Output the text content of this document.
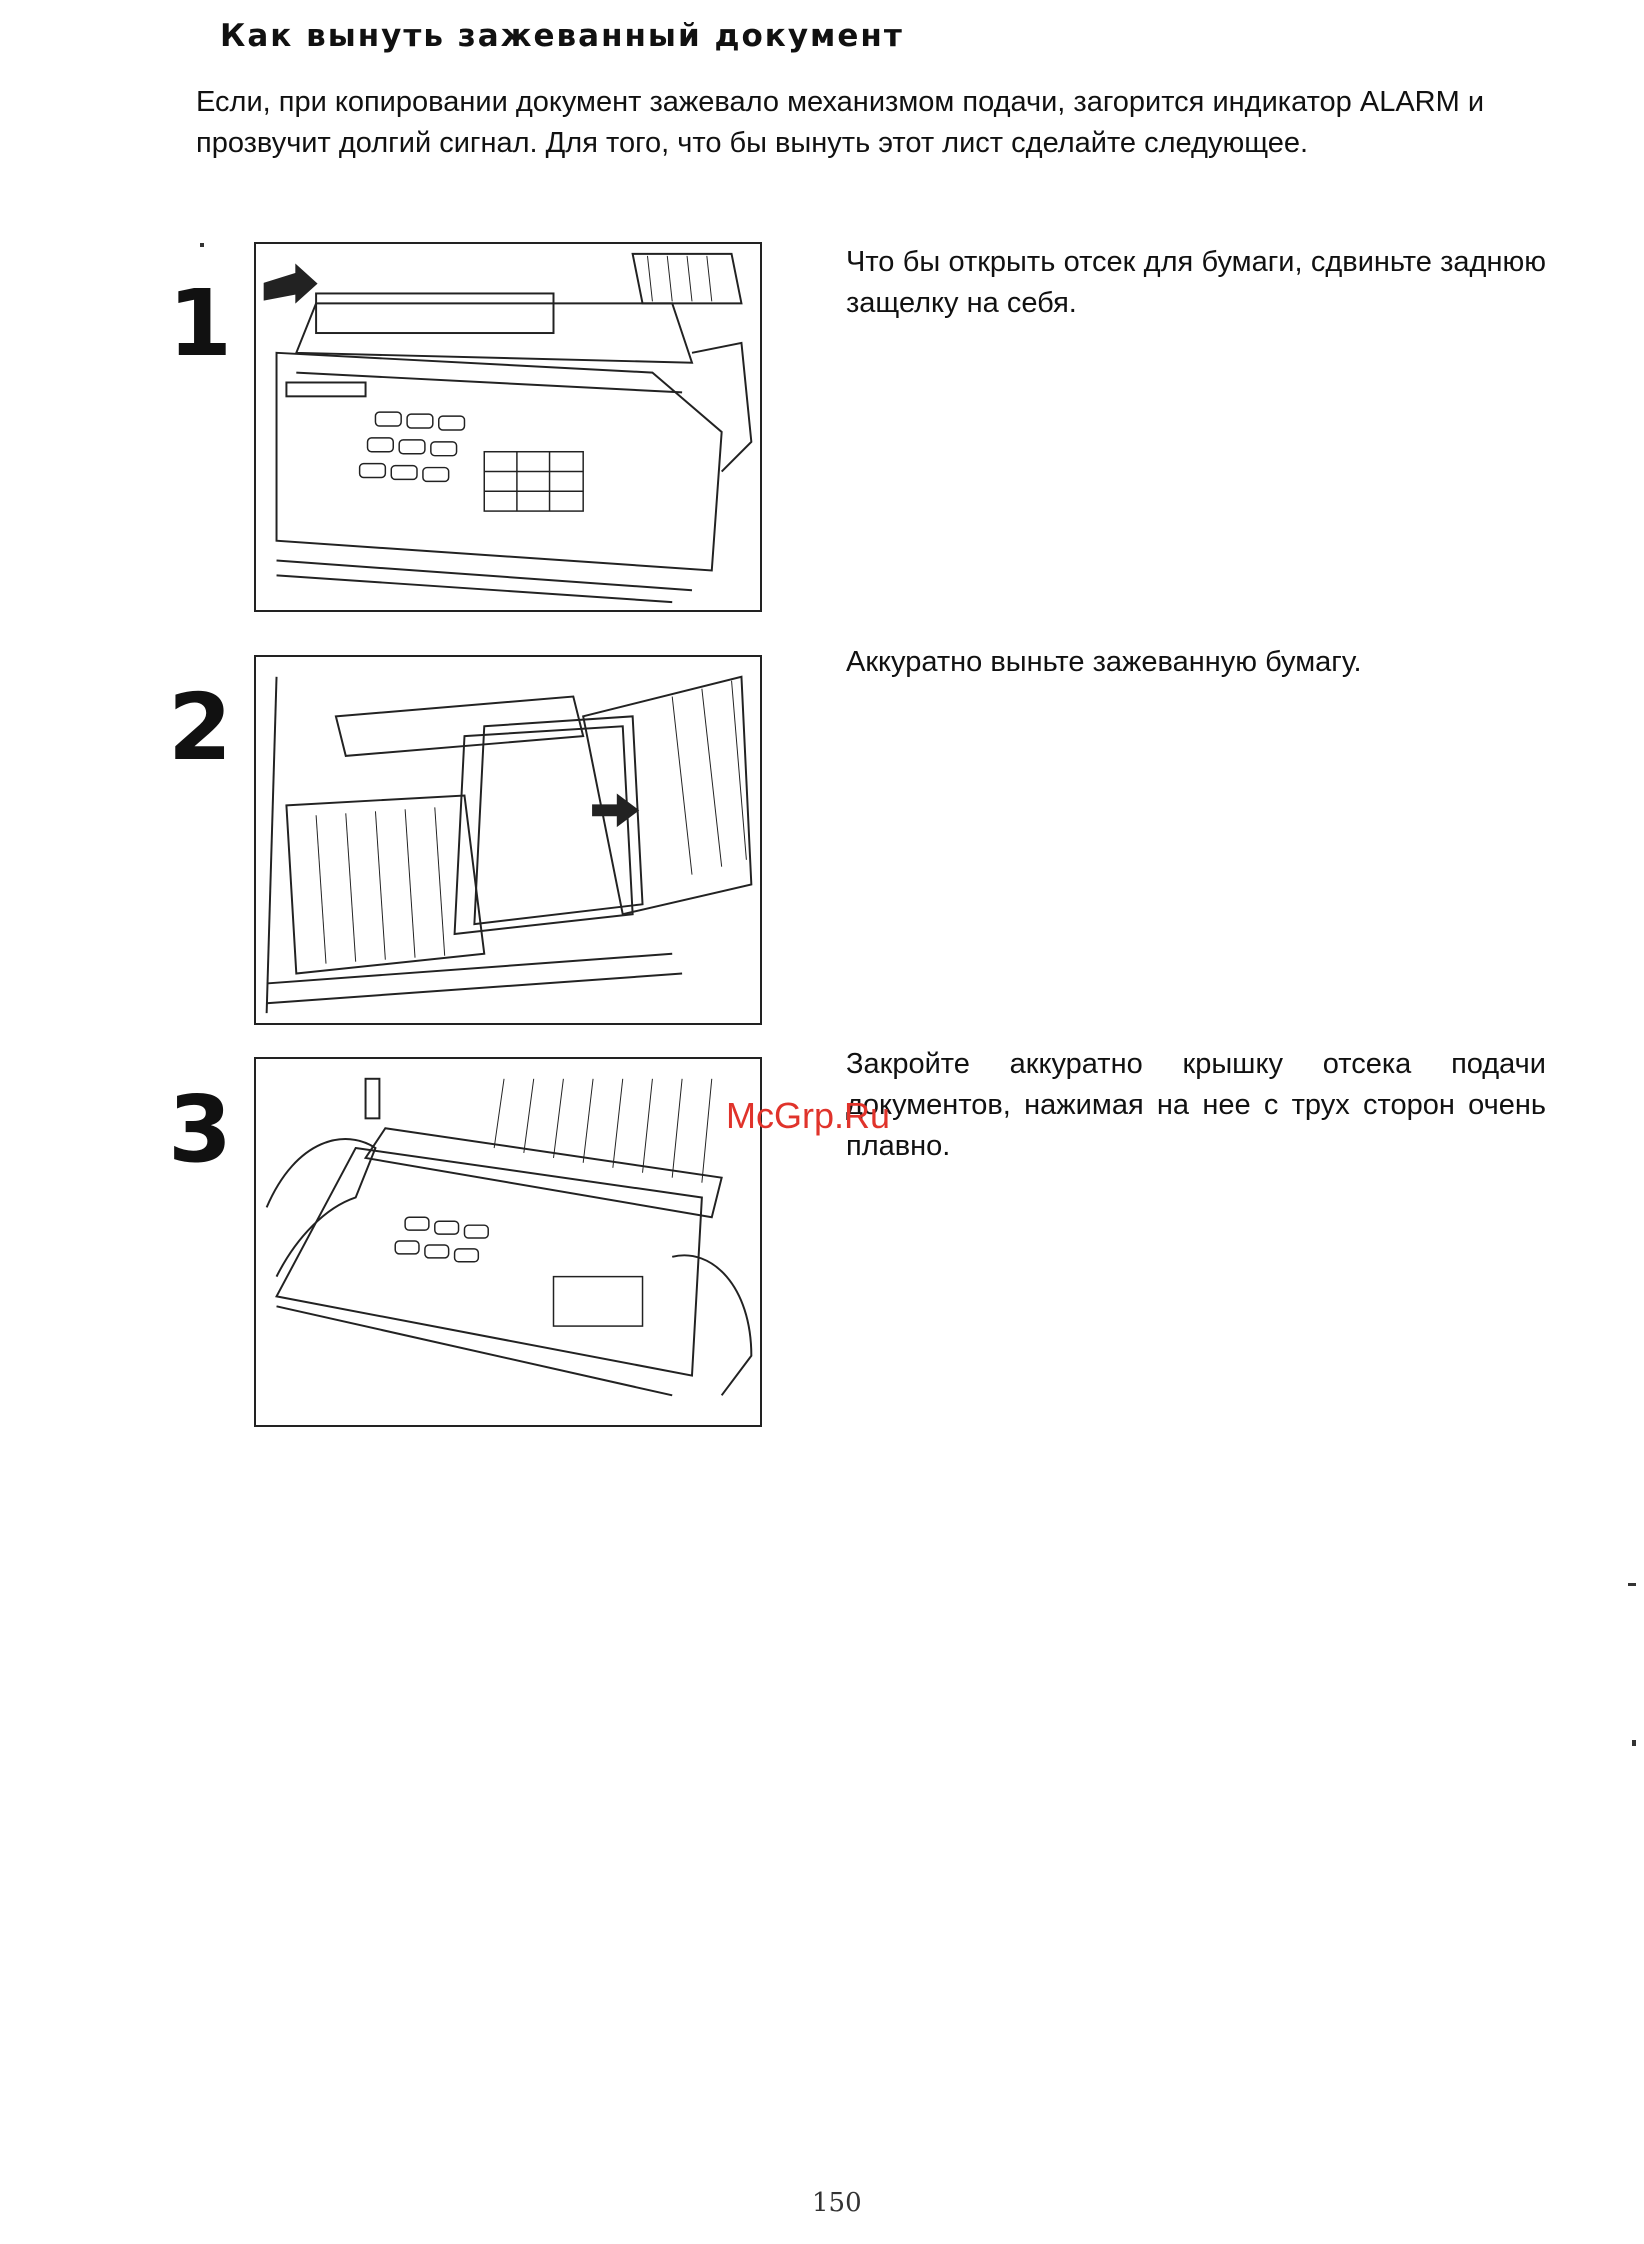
Как вынуть зажеванный документ

Если, при копировании документ зажевало механизмом подачи, загорится индикатор ALARM и прозвучит долгий сигнал. Для того, что бы вынуть этот лист сделайте следующее.

1

Что бы открыть отсек для бумаги, сдвиньте заднюю защелку на себя.

2

Аккуратно выньте зажеванную бумагу.

3

Закройте аккуратно крышку отсека подачи документов, нажимая на нее с трух сторон очень плавно.

McGrp.Ru
150
